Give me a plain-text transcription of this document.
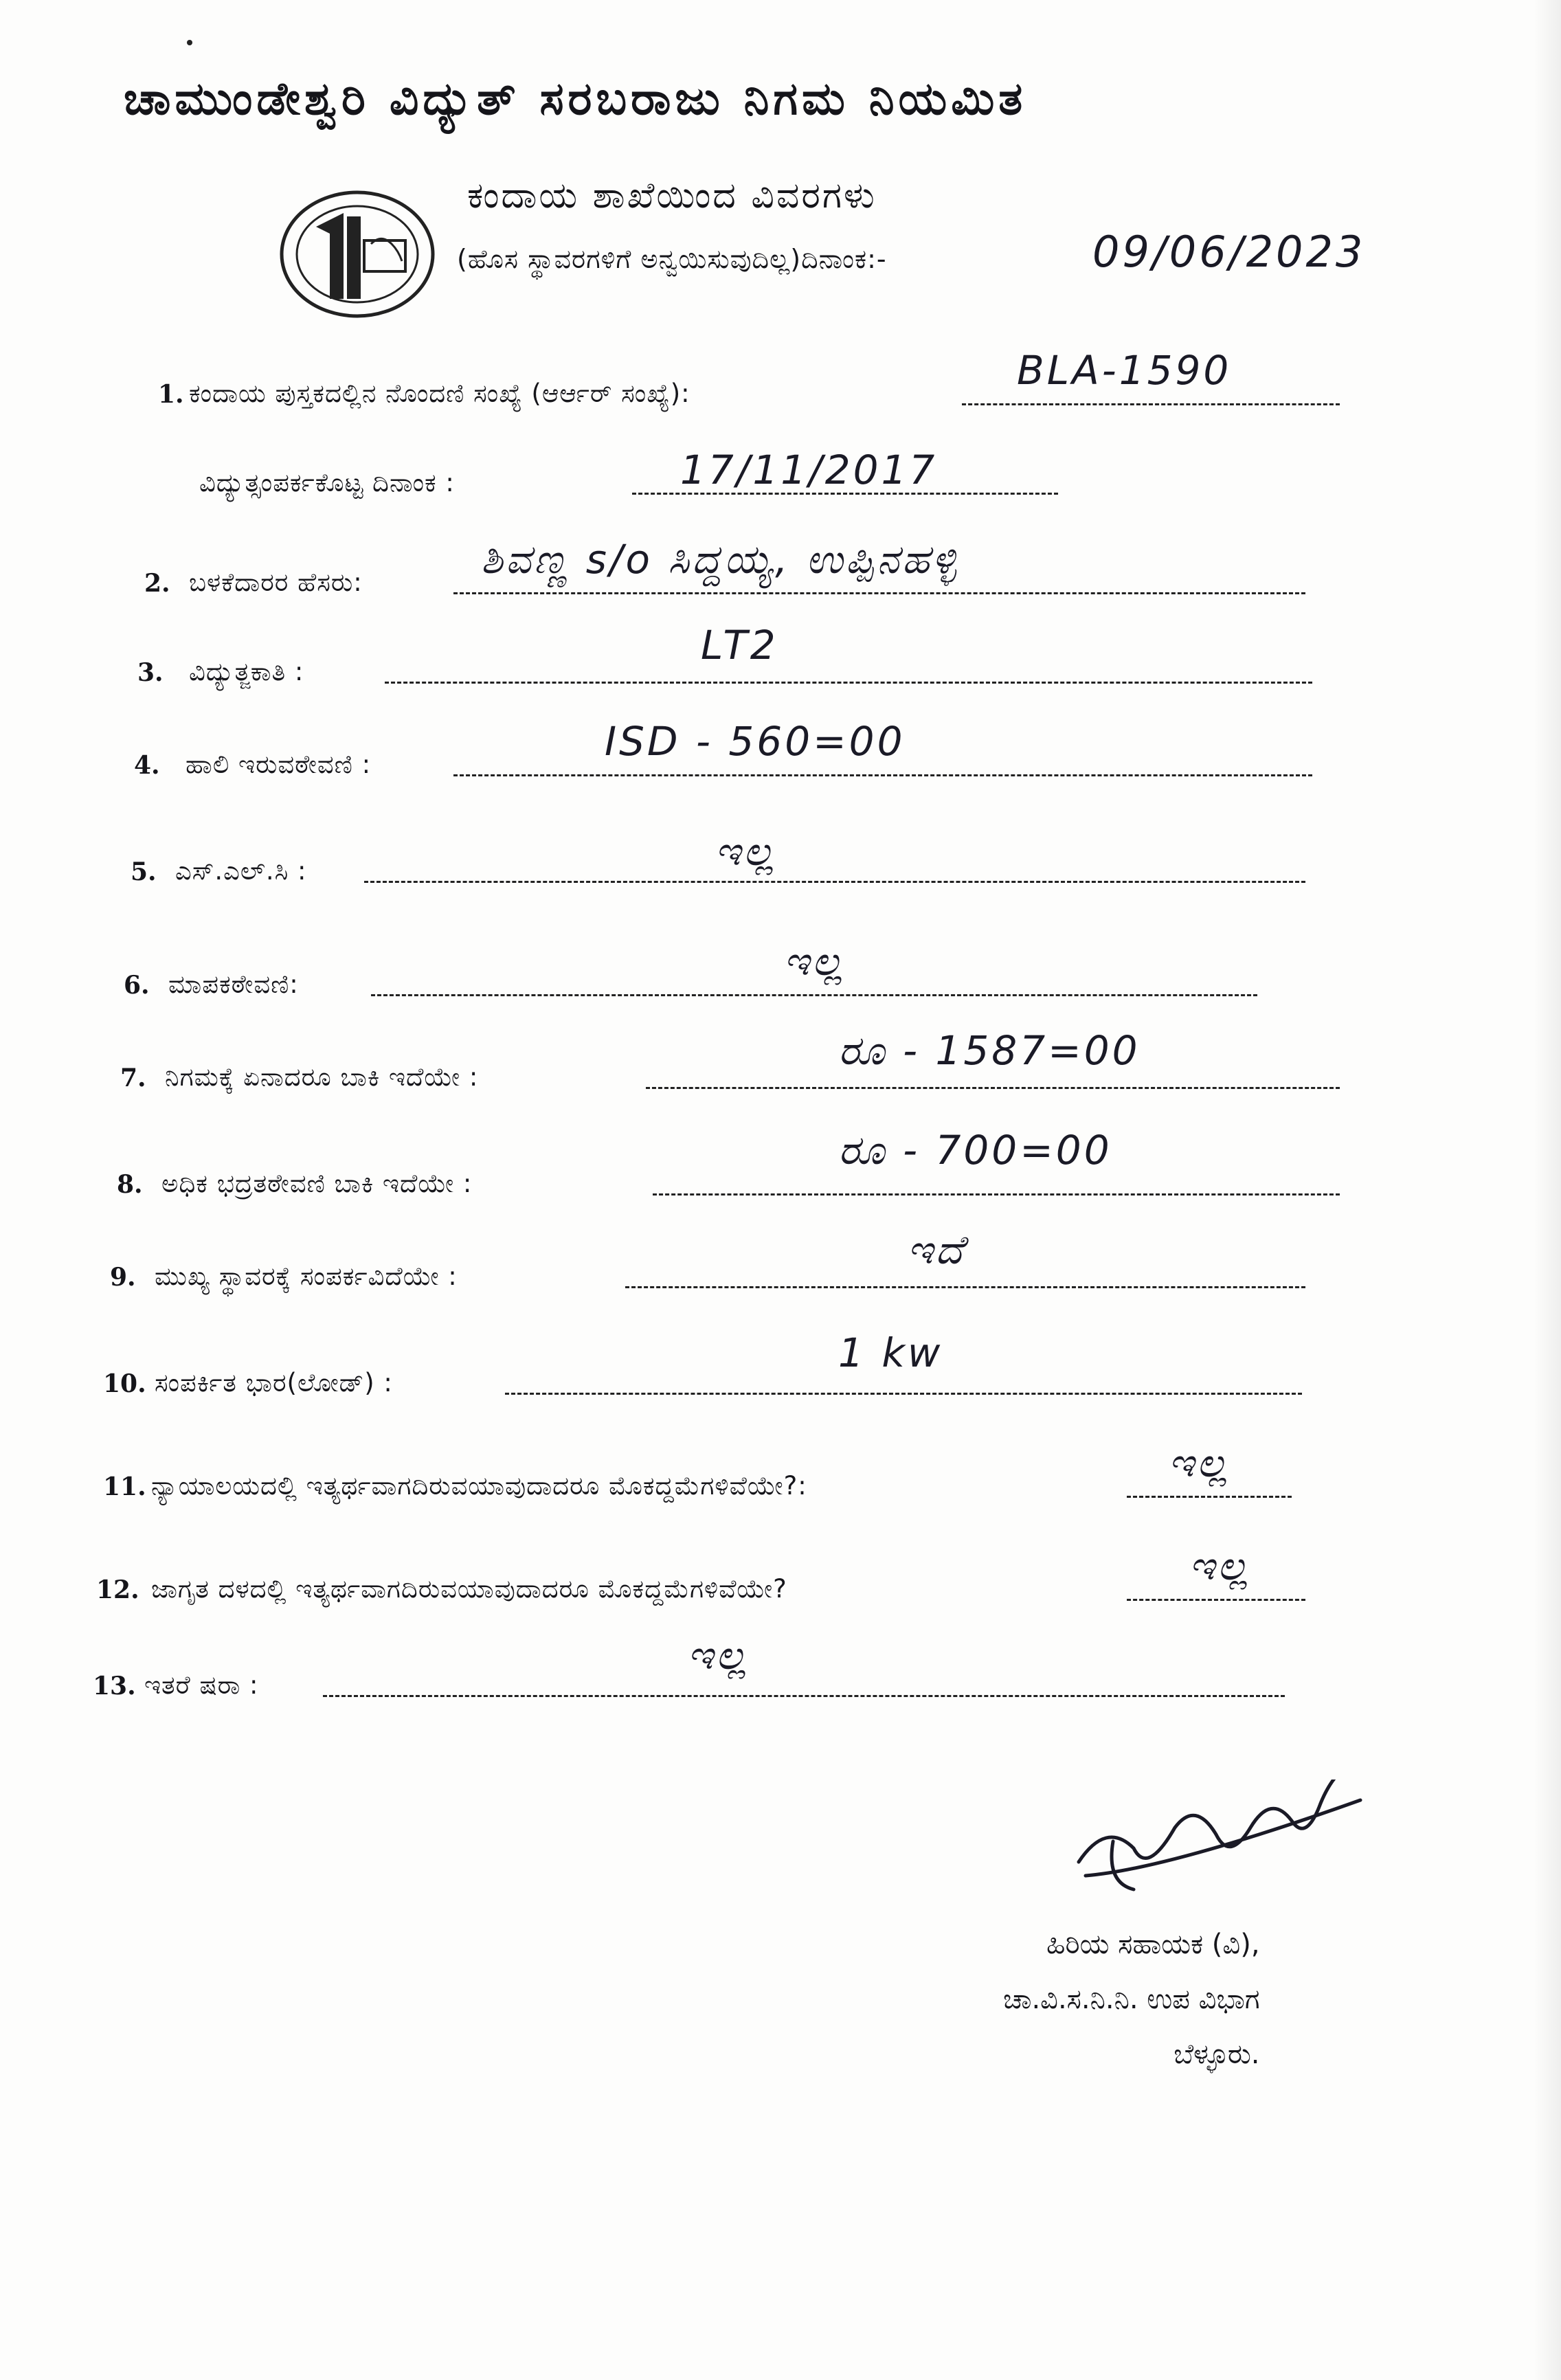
ಚಾಮುಂಡೇಶ್ವರಿ ವಿದ್ಯುತ್ ಸರಬರಾಜು ನಿಗಮ ನಿಯಮಿತ
ಕಂದಾಯ ಶಾಖೆಯಿಂದ ವಿವರಗಳು
(ಹೊಸ ಸ್ಥಾವರಗಳಿಗೆ ಅನ್ವಯಿಸುವುದಿಲ್ಲ)ದಿನಾಂಕ:-	09/06/2023
1. ಕಂದಾಯ ಪುಸ್ತಕದಲ್ಲಿನ ನೊಂದಣಿ ಸಂಖ್ಯೆ (ಆರ್ಆರ್ ಸಂಖ್ಯೆ):	BLA-1590
ವಿದ್ಯುತ್ಸಂಪರ್ಕಕೊಟ್ಟ ದಿನಾಂಕ :	17/11/2017
2. ಬಳಕೆದಾರರ ಹೆಸರು:	ಶಿವಣ್ಣ s/o ಸಿದ್ದಯ್ಯ, ಉಪ್ಪಿನಹಳ್ಳಿ
3. ವಿದ್ಯುತ್ಜಕಾತಿ :
LT2
4. ಹಾಲಿ ಇರುವಠೇವಣಿ :	ISD - 560=00
5. ಎಸ್.ಎಲ್.ಸಿ :	ಇಲ್ಲ
6. ಮಾಪಕಠೇವಣಿ:	ಇಲ್ಲ
7. ನಿಗಮಕ್ಕೆ ಏನಾದರೂ ಬಾಕಿ ಇದೆಯೇ :
ರೂ - 1587=00
8. ಅಧಿಕ ಭದ್ರತಠೇವಣಿ ಬಾಕಿ ಇದೆಯೇ :
ರೂ - 700=00
9. ಮುಖ್ಯ ಸ್ಥಾವರಕ್ಕೆ ಸಂಪರ್ಕವಿದೆಯೇ :
ಇದೆ
10. ಸಂಪರ್ಕಿತ ಭಾರ(ಲೋಡ್) :
1 kw
11. ನ್ಯಾಯಾಲಯದಲ್ಲಿ ಇತ್ಯರ್ಥವಾಗದಿರುವಯಾವುದಾದರೂ ಮೊಕದ್ದಮೆಗಳಿವೆಯೇ?:	ಇಲ್ಲ
12. ಜಾಗೃತ ದಳದಲ್ಲಿ ಇತ್ಯರ್ಥವಾಗದಿರುವಯಾವುದಾದರೂ ಮೊಕದ್ದಮೆಗಳಿವೆಯೇ?	ಇಲ್ಲ
13. ಇತರೆ ಷರಾ :
ಇಲ್ಲ
ಹಿರಿಯ ಸಹಾಯಕ (ವಿ),
ಚಾ.ವಿ.ಸ.ನಿ.ನಿ. ಉಪ ವಿಭಾಗ
ಬೆಳ್ಳೂರು.
